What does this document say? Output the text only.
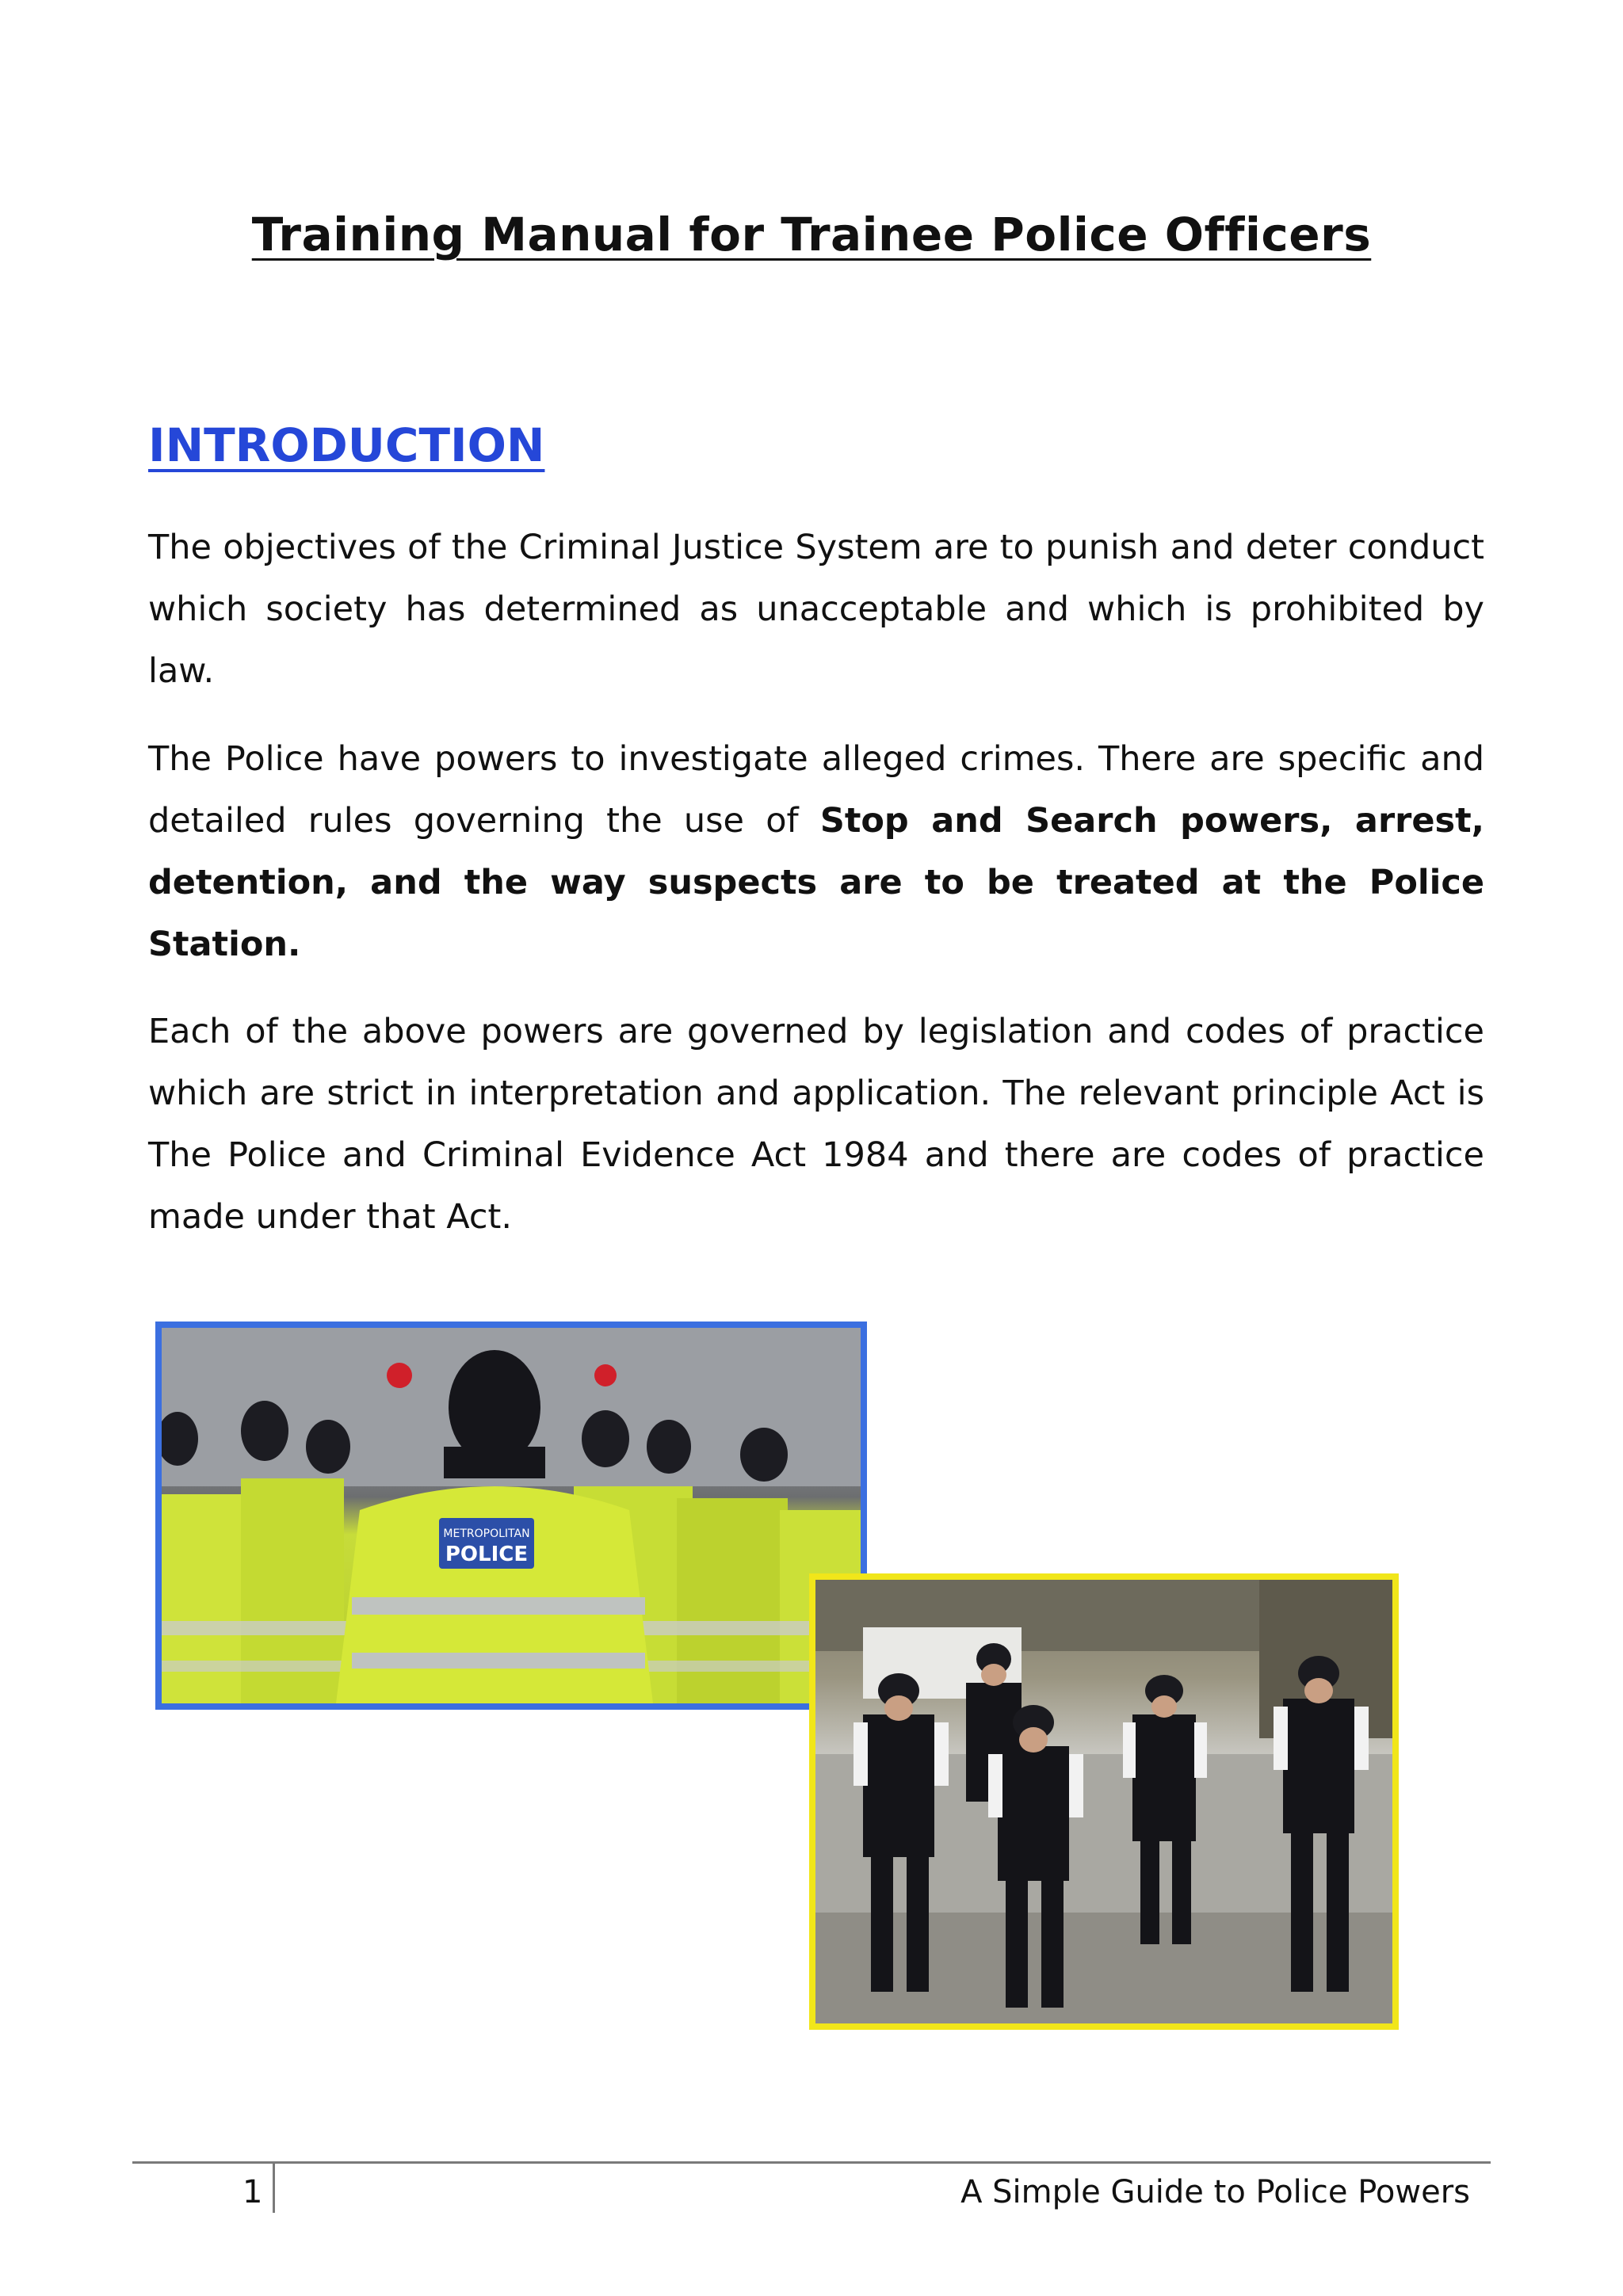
Training Manual for Trainee Police Officers
INTRODUCTION

The objectives of the Criminal Justice System are to punish and deter conduct which society has determined as unacceptable and which is prohibited by law.

The Police have powers to investigate alleged crimes. There are specific and detailed rules governing the use of Stop and Search powers, arrest, detention, and the way suspects are to be treated at the Police Station.

Each of the above powers are governed by legislation and codes of practice which are strict in interpretation and application. The relevant principle Act is The Police and Criminal Evidence Act 1984 and there are codes of practice made under that Act.

METROPOLITAN
POLICE
1	A Simple Guide to Police Powers
